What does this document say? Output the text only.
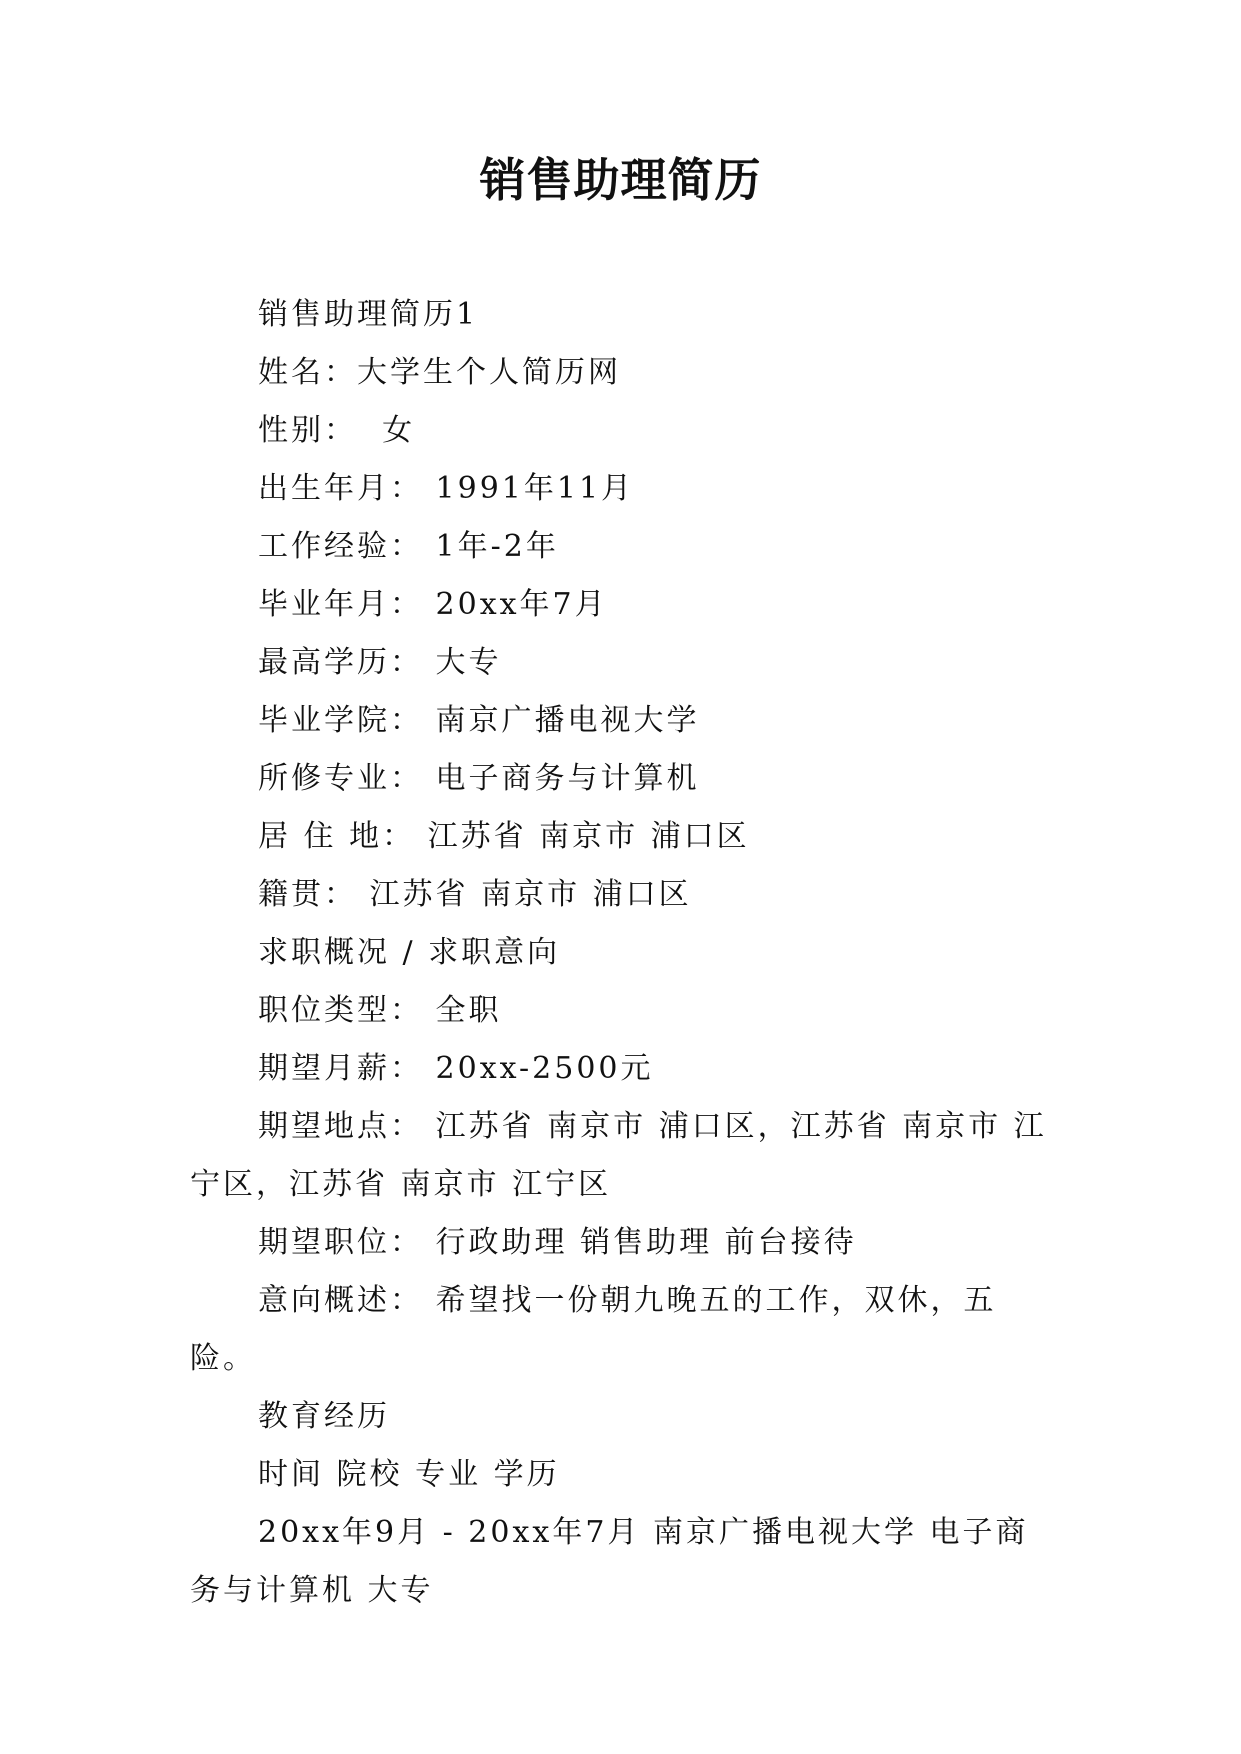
销售助理简历

销售助理简历1

姓名：大学生个人简历网

性别：  女

出生年月： 1991年11月

工作经验： 1年-2年

毕业年月： 20xx年7月

最高学历： 大专

毕业学院： 南京广播电视大学

所修专业： 电子商务与计算机

居 住 地： 江苏省 南京市 浦口区

籍贯： 江苏省 南京市 浦口区

求职概况 / 求职意向

职位类型： 全职

期望月薪： 20xx-2500元

期望地点： 江苏省 南京市 浦口区，江苏省 南京市 江宁区，江苏省 南京市 江宁区

期望职位： 行政助理 销售助理 前台接待

意向概述： 希望找一份朝九晚五的工作，双休，五险。

教育经历

时间 院校 专业 学历

20xx年9月 - 20xx年7月 南京广播电视大学 电子商务与计算机 大专
